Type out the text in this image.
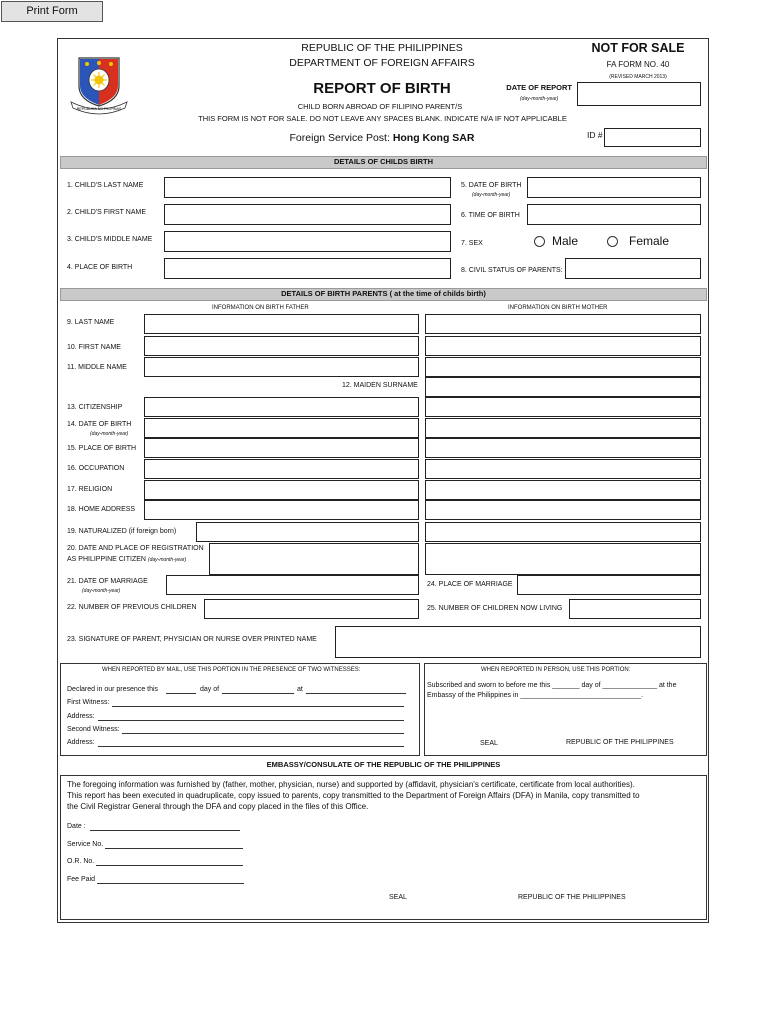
Print Form
REPUBLIKA NG PILIPINAS
REPUBLIC OF THE PHILIPPINES
DEPARTMENT OF FOREIGN AFFAIRS
NOT FOR SALE
FA FORM NO. 40
(REVISED MARCH 2013)
REPORT OF BIRTH	DATE OF REPORT
(day-month-year)
CHILD BORN ABROAD OF FILIPINO PARENT/S
THIS FORM IS NOT FOR SALE. DO NOT LEAVE ANY SPACES BLANK. INDICATE N/A IF NOT APPLICABLE
Foreign Service Post: Hong Kong SAR	ID #
DETAILS OF CHILDS BIRTH
1. CHILD'S LAST NAME
2. CHILD'S FIRST NAME
3. CHILD'S MIDDLE NAME
4. PLACE OF BIRTH
5. DATE OF BIRTH
(day-month-year)
6. TIME OF BIRTH
7. SEX	Male	Female
8. CIVIL STATUS OF PARENTS:
DETAILS OF BIRTH PARENTS ( at the time of childs birth)
INFORMATION ON BIRTH FATHER	INFORMATION ON BIRTH MOTHER
9. LAST NAME
10. FIRST NAME
11. MIDDLE NAME
12. MAIDEN SURNAME
13. CITIZENSHIP
14. DATE OF BIRTH
(day-month-year)
15. PLACE OF BIRTH
16. OCCUPATION
17. RELIGION
18. HOME ADDRESS
19. NATURALIZED (if foreign born)
20. DATE AND PLACE OF REGISTRATION
AS PHILIPPINE CITIZEN (day-month-year)
21. DATE OF MARRIAGE
(day-month-year)
24. PLACE OF MARRIAGE
22. NUMBER OF PREVIOUS CHILDREN	25. NUMBER OF CHILDREN NOW LIVING
23. SIGNATURE OF PARENT, PHYSICIAN OR NURSE OVER PRINTED NAME
WHEN REPORTED BY MAIL, USE THIS PORTION IN THE PRESENCE OF TWO WITNESSES:
Declared in our presence this	day of	at
First Witness:
Address:
Second Witness:
Address:
WHEN REPORTED IN PERSON, USE THIS PORTION:
Subscribed and sworn to before me this _______ day of ______________ at the
Embassy of the Philippines in _______________________________.
SEAL	REPUBLIC OF THE PHILIPPINES
EMBASSY/CONSULATE OF THE REPUBLIC OF THE PHILIPPINES
The foregoing information was furnished by (father, mother, physician, nurse) and supported by (affidavit, physician's certificate, certificate from local authorities).
This report has been executed in quadruplicate, copy issued to parents, copy transmitted to the Department of Foreign Affairs (DFA) in Manila, copy transmitted to
the Civil Registrar General through the DFA and copy placed in the files of this Office.
Date :
Service No.
O.R. No.
Fee Paid
SEAL	REPUBLIC OF THE PHILIPPINES
